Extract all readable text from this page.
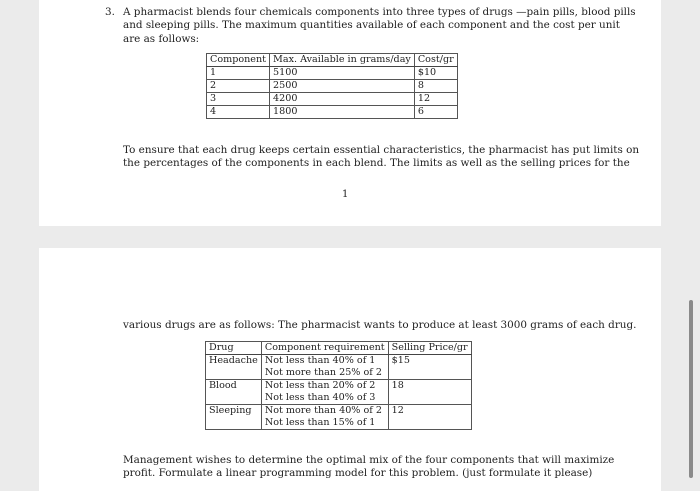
3. A pharmacist blends four chemicals components into three types of drugs —pain pills, blood pills
and sleeping pills. The maximum quantities available of each component and the cost per unit
are as follows:

Component	Max. Available in grams/day	Cost/gr
1	5100	$10
2	2500	8
3	4200	12
4	1800	6

To ensure that each drug keeps certain essential characteristics, the pharmacist has put limits on
the percentages of the components in each blend. The limits as well as the selling prices for the

1

various drugs are as follows: The pharmacist wants to produce at least 3000 grams of each drug.

Drug	Component requirement	Selling Price/gr
Headache	Not less than 40% of 1
Not more than 25% of 2	$15
Blood	Not less than 20% of 2
Not less than 40% of 3	18
Sleeping	Not more than 40% of 2
Not less than 15% of 1	12

Management wishes to determine the optimal mix of the four components that will maximize
profit. Formulate a linear programming model for this problem. (just formulate it please)
